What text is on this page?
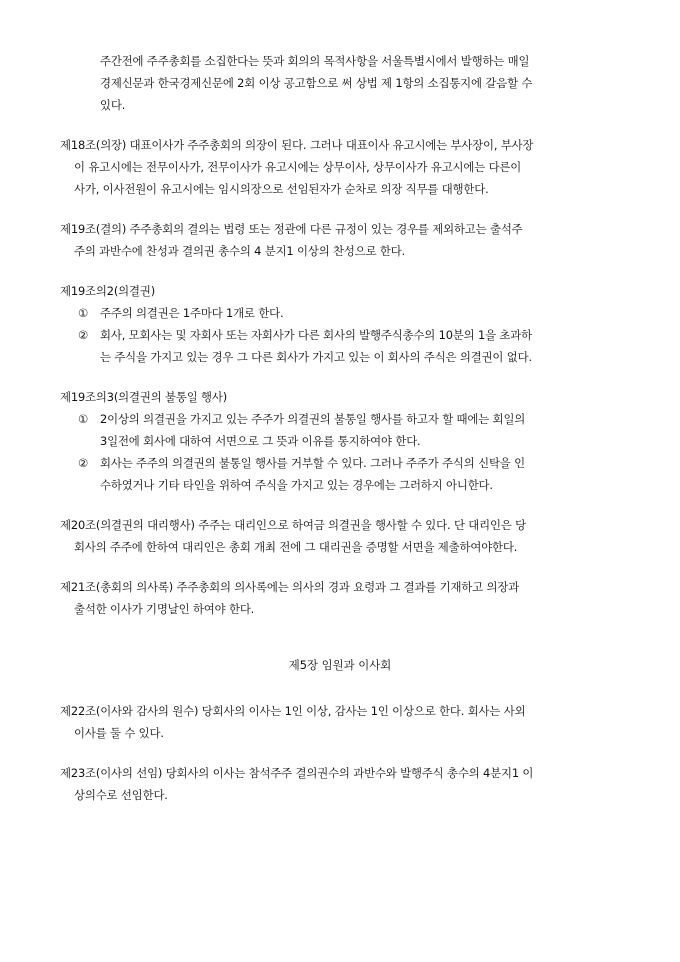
주간전에 주주총회를 소집한다는 뜻과 회의의 목적사항을 서울특별시에서 발행하는 매일
경제신문과 한국경제신문에 2회 이상 공고함으로 써 상법 제 1항의 소집통지에 갈음할 수
있다.
제18조(의장) 대표이사가 주주총회의 의장이 된다. 그러나 대표이사 유고시에는 부사장이, 부사장
이 유고시에는 전무이사가, 전무이사가 유고시에는 상무이사, 상무이사가 유고시에는 다른이
사가, 이사전원이 유고시에는 임시의장으로 선임된자가 순차로 의장 직무를 대행한다.
제19조(결의) 주주총회의 결의는 법령 또는 정관에 다른 규정이 있는 경우를 제외하고는 출석주
주의 과반수에 찬성과 결의권 총수의 4 분지1 이상의 찬성으로 한다.
제19조의2(의결권)
① 주주의 의결권은 1주마다 1개로 한다.
② 회사, 모회사는 및 자회사 또는 자회사가 다른 회사의 발행주식총수의 10분의 1을 초과하
는 주식을 가지고 있는 경우 그 다른 회사가 가지고 있는 이 회사의 주식은 의결권이 없다.
제19조의3(의결권의 불통일 행사)
① 2이상의 의결권을 가지고 있는 주주가 의결권의 불통일 행사를 하고자 할 때에는 회일의
3일전에 회사에 대하여 서면으로 그 뜻과 이유를 통지하여야 한다.
② 회사는 주주의 의결권의 불통일 행사를 거부할 수 있다. 그러나 주주가 주식의 신탁을 인
수하였거나 기타 타인을 위하여 주식을 가지고 있는 경우에는 그러하지 아니한다.
제20조(의결권의 대리행사) 주주는 대리인으로 하여금 의결권을 행사할 수 있다. 단 대리인은 당
회사의 주주에 한하여 대리인은 총회 개최 전에 그 대리권을 증명할 서면을 제출하여야한다.
제21조(총회의 의사록) 주주총회의 의사록에는 의사의 경과 요령과 그 결과를 기재하고 의장과
출석한 이사가 기명날인 하여야 한다.
제5장 임원과 이사회
제22조(이사와 감사의 원수) 당회사의 이사는 1인 이상, 감사는 1인 이상으로 한다. 회사는 사외
이사를 둘 수 있다.
제23조(이사의 선임) 당회사의 이사는 참석주주 결의권수의 과반수와 발행주식 총수의 4분지1 이
상의수로 선임한다.
